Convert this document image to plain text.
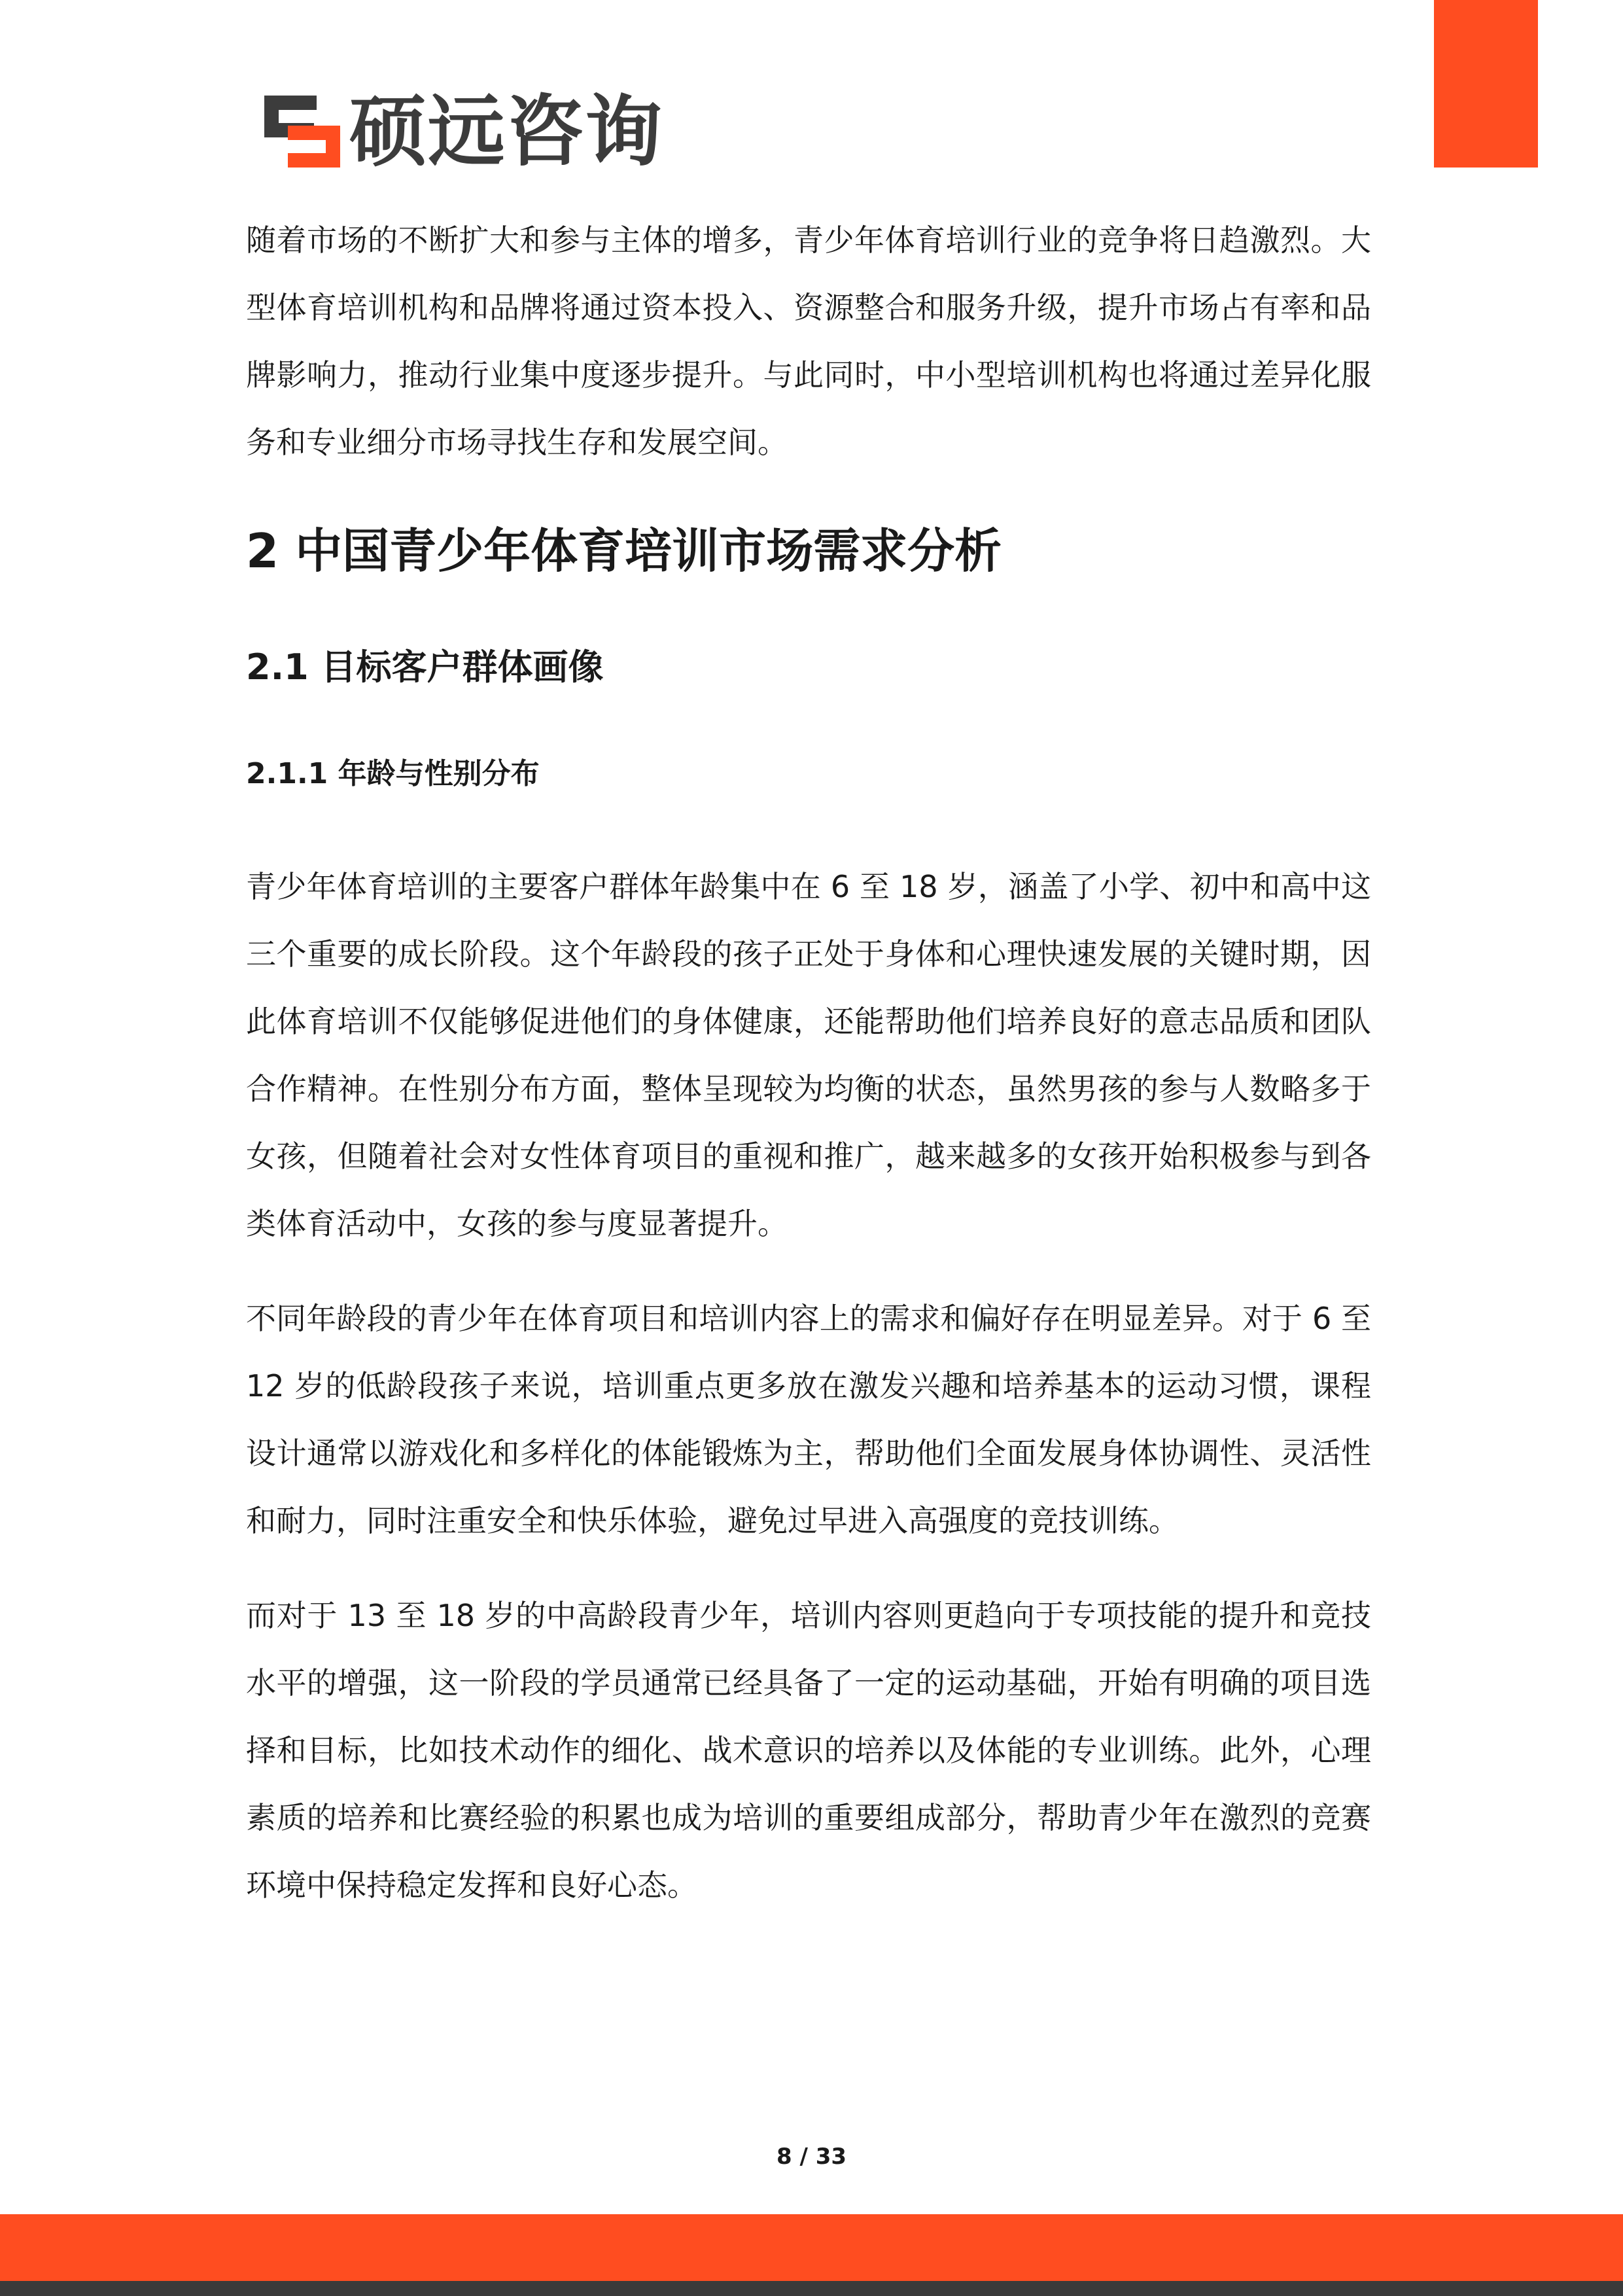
硕远咨询

随着市场的不断扩大和参与主体的增多，青少年体育培训行业的竞争将日趋激烈。大型体育培训机构和品牌将通过资本投入、资源整合和服务升级，提升市场占有率和品牌影响力，推动行业集中度逐步提升。与此同时，中小型培训机构也将通过差异化服务和专业细分市场寻找生存和发展空间。

2 中国青少年体育培训市场需求分析
2.1 目标客户群体画像
2.1.1 年龄与性别分布

青少年体育培训的主要客户群体年龄集中在 6 至 18 岁，涵盖了小学、初中和高中这三个重要的成长阶段。这个年龄段的孩子正处于身体和心理快速发展的关键时期，因此体育培训不仅能够促进他们的身体健康，还能帮助他们培养良好的意志品质和团队合作精神。在性别分布方面，整体呈现较为均衡的状态，虽然男孩的参与人数略多于女孩，但随着社会对女性体育项目的重视和推广，越来越多的女孩开始积极参与到各类体育活动中，女孩的参与度显著提升。

不同年龄段的青少年在体育项目和培训内容上的需求和偏好存在明显差异。对于 6 至 12 岁的低龄段孩子来说，培训重点更多放在激发兴趣和培养基本的运动习惯，课程设计通常以游戏化和多样化的体能锻炼为主，帮助他们全面发展身体协调性、灵活性和耐力，同时注重安全和快乐体验，避免过早进入高强度的竞技训练。

而对于 13 至 18 岁的中高龄段青少年，培训内容则更趋向于专项技能的提升和竞技水平的增强，这一阶段的学员通常已经具备了一定的运动基础，开始有明确的项目选择和目标，比如技术动作的细化、战术意识的培养以及体能的专业训练。此外，心理素质的培养和比赛经验的积累也成为培训的重要组成部分，帮助青少年在激烈的竞赛环境中保持稳定发挥和良好心态。

8 / 33
